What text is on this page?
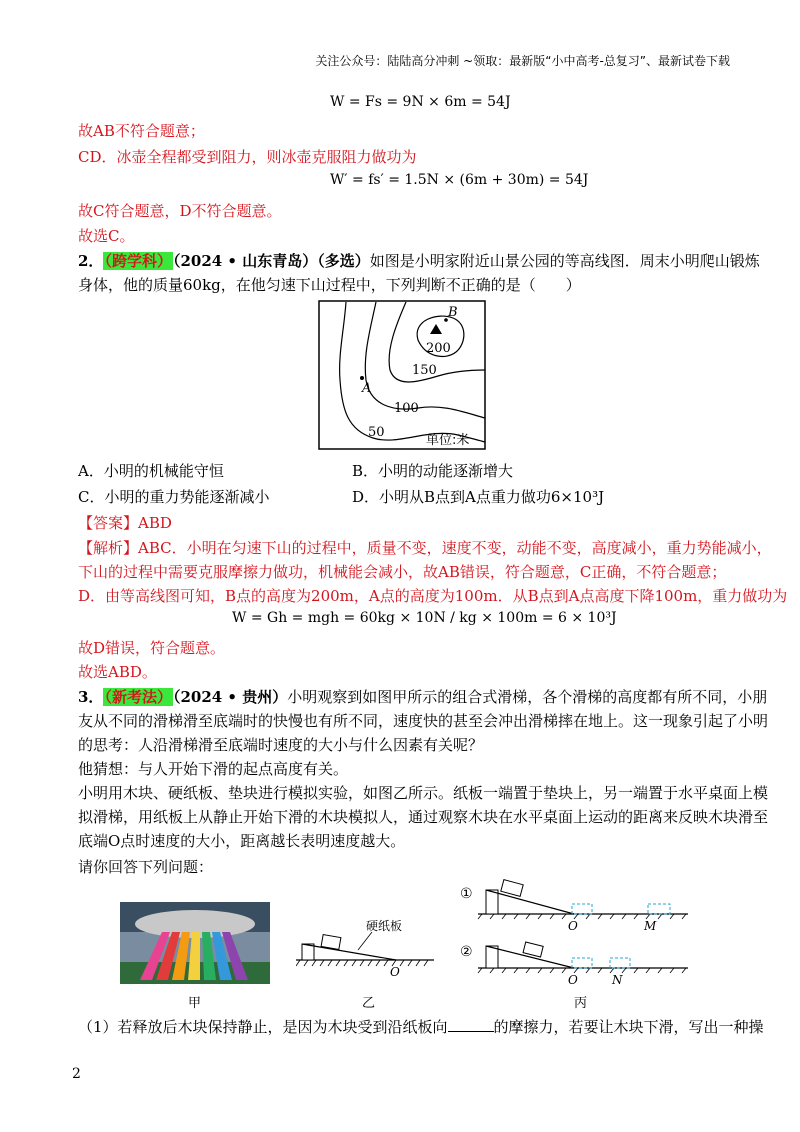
关注公众号：陆陆高分冲刺 ~领取：最新版“小中高考-总复习”、最新试卷下载
W = Fs = 9N × 6m = 54J
故AB不符合题意；
CD．冰壶全程都受到阻力，则冰壶克服阻力做功为
W′ = fs′ = 1.5N × (6m + 30m) = 54J
故C符合题意，D不符合题意。
故选C。
2．（跨学科）（2024 • 山东青岛）（多选）如图是小明家附近山景公园的等高线图．周末小明爬山锻炼
身体，他的质量60kg，在他匀速下山过程中，下列判断不正确的是（　　）
B
A
200
150
100
50
单位:米
A．小明的机械能守恒	B．小明的动能逐渐增大
C．小明的重力势能逐渐减小	D．小明从B点到A点重力做功6×10³J
【答案】ABD
【解析】ABC．小明在匀速下山的过程中，质量不变，速度不变，动能不变，高度减小，重力势能减小，
下山的过程中需要克服摩擦力做功，机械能会减小，故AB错误，符合题意，C正确，不符合题意；
D．由等高线图可知，B点的高度为200m，A点的高度为100m．从B点到A点高度下降100m，重力做功为
W = Gh = mgh = 60kg × 10N / kg × 100m = 6 × 10³J
故D错误，符合题意。
故选ABD。
3．（新考法）（2024 • 贵州）小明观察到如图甲所示的组合式滑梯，各个滑梯的高度都有所不同，小朋
友从不同的滑梯滑至底端时的快慢也有所不同，速度快的甚至会冲出滑梯摔在地上。这一现象引起了小明
的思考：人沿滑梯滑至底端时速度的大小与什么因素有关呢？
他猜想：与人开始下滑的起点高度有关。
小明用木块、硬纸板、垫块进行模拟实验，如图乙所示。纸板一端置于垫块上，另一端置于水平桌面上模
拟滑梯，用纸板上从静止开始下滑的木块模拟人，通过观察木块在水平桌面上运动的距离来反映木块滑至
底端O点时速度的大小，距离越长表明速度越大。
请你回答下列问题：
硬纸板
O
①
O	M
②
O	N
甲	乙	丙
（1）若释放后木块保持静止，是因为木块受到沿纸板向	的摩擦力，若要让木块下滑，写出一种操
2
